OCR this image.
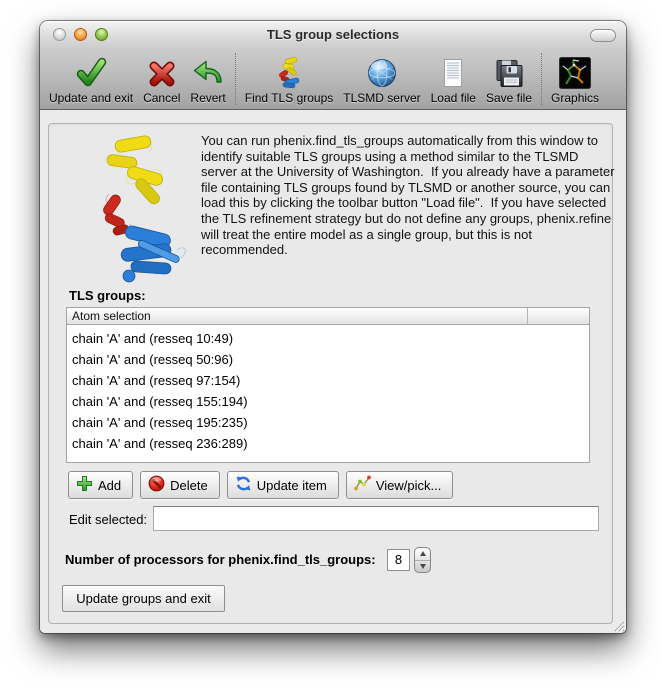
TLS group selections
Update and exit Cancel Revert Find TLS groups TLSMD server Load file Save file Graphics
You can run phenix.find_tls_groups automatically from this window to identify suitable TLS groups using a method similar to the TLSMD server at the University of Washington.  If you already have a parameter file containing TLS groups found by TLSMD or another source, you can load this by clicking the toolbar button "Load file".  If you have selected the TLS refinement strategy but do not define any groups, phenix.refine will treat the entire model as a single group, but this is not recommended.
TLS groups:
Atom selection
chain 'A' and (resseq 10:49)
chain 'A' and (resseq 50:96)
chain 'A' and (resseq 97:154)
chain 'A' and (resseq 155:194)
chain 'A' and (resseq 195:235)
chain 'A' and (resseq 236:289)
Add	Delete	Update item	View/pick...
Edit selected:
Number of processors for phenix.find_tls_groups:	8
Update groups and exit
